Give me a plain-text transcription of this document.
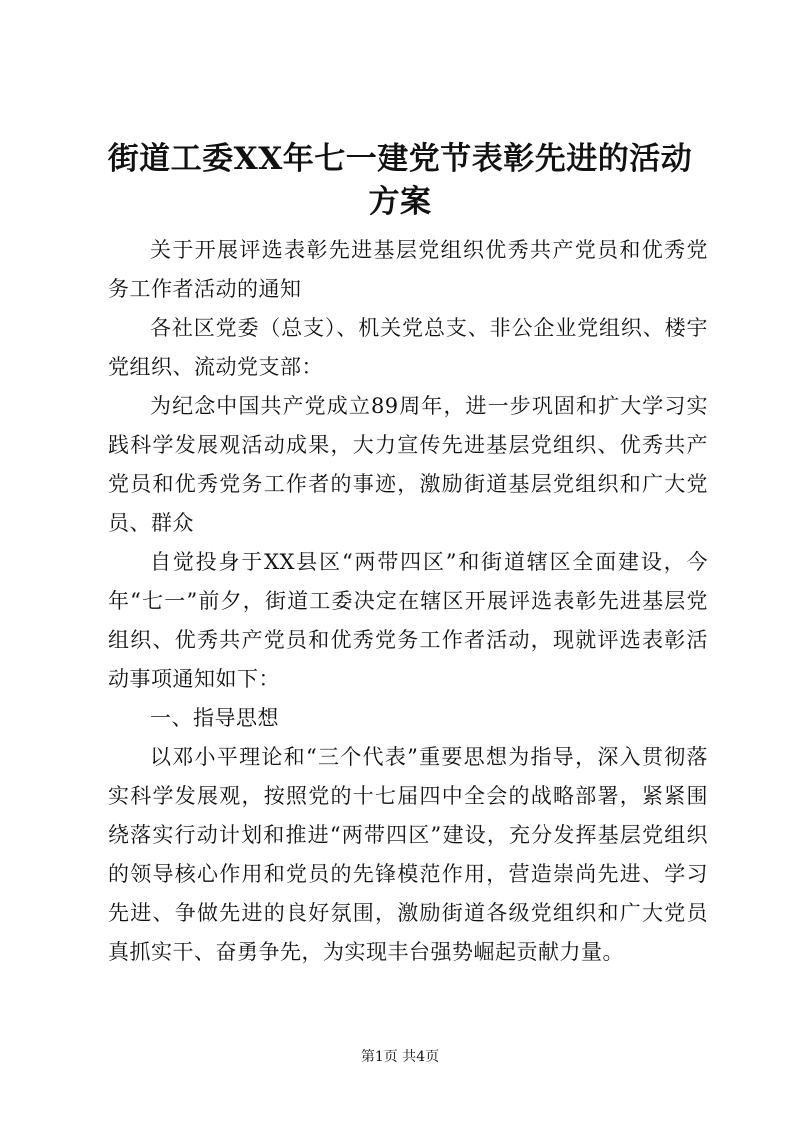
街道工委XX年七一建党节表彰先进的活动方案

关于开展评选表彰先进基层党组织优秀共产党员和优秀党务工作者活动的通知

各社区党委（总支）、机关党总支、非公企业党组织、楼宇党组织、流动党支部：

为纪念中国共产党成立89周年，进一步巩固和扩大学习实践科学发展观活动成果，大力宣传先进基层党组织、优秀共产党员和优秀党务工作者的事迹，激励街道基层党组织和广大党员、群众

自觉投身于XX县区“两带四区”和街道辖区全面建设，今年“七一”前夕，街道工委决定在辖区开展评选表彰先进基层党组织、优秀共产党员和优秀党务工作者活动，现就评选表彰活动事项通知如下：

一、指导思想

以邓小平理论和“三个代表”重要思想为指导，深入贯彻落实科学发展观，按照党的十七届四中全会的战略部署，紧紧围绕落实行动计划和推进“两带四区”建设，充分发挥基层党组织的领导核心作用和党员的先锋模范作用，营造崇尚先进、学习先进、争做先进的良好氛围，激励街道各级党组织和广大党员真抓实干、奋勇争先，为实现丰台强势崛起贡献力量。

第1页 共4页
